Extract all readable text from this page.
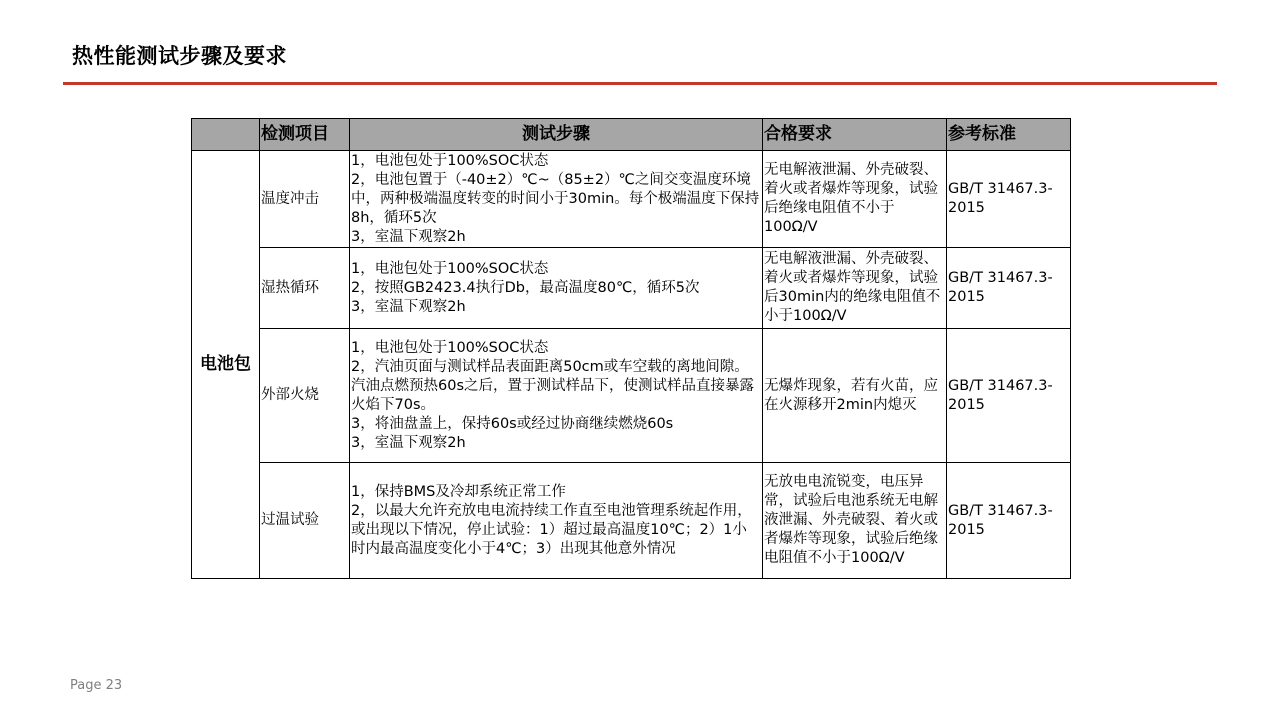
热性能测试步骤及要求
	检测项目	测试步骤	合格要求	参考标准
电池包	温度冲击	1，电池包处于100%SOC状态
2，电池包置于（-40±2）℃~（85±2）℃之间交变温度环境中，两种极端温度转变的时间小于30min。每个极端温度下保持8h，循环5次
3，室温下观察2h	无电解液泄漏、外壳破裂、着火或者爆炸等现象，试验后绝缘电阻值不小于100Ω/V	GB/T 31467.3-2015
	湿热循环	1，电池包处于100%SOC状态
2，按照GB2423.4执行Db，最高温度80℃，循环5次
3，室温下观察2h	无电解液泄漏、外壳破裂、着火或者爆炸等现象，试验后30min内的绝缘电阻值不小于100Ω/V	GB/T 31467.3-2015
	外部火烧	1，电池包处于100%SOC状态
2，汽油页面与测试样品表面距离50cm或车空载的离地间隙。汽油点燃预热60s之后，置于测试样品下，使测试样品直接暴露火焰下70s。
3，将油盘盖上，保持60s或经过协商继续燃烧60s
3，室温下观察2h	无爆炸现象，若有火苗，应在火源移开2min内熄灭	GB/T 31467.3-2015
	过温试验	1，保持BMS及冷却系统正常工作
2，以最大允许充放电电流持续工作直至电池管理系统起作用，或出现以下情况，停止试验：1）超过最高温度10℃；2）1小时内最高温度变化小于4℃；3）出现其他意外情况	无放电电流锐变，电压异常，试验后电池系统无电解液泄漏、外壳破裂、着火或者爆炸等现象，试验后绝缘电阻值不小于100Ω/V	GB/T 31467.3-2015
Page 23
